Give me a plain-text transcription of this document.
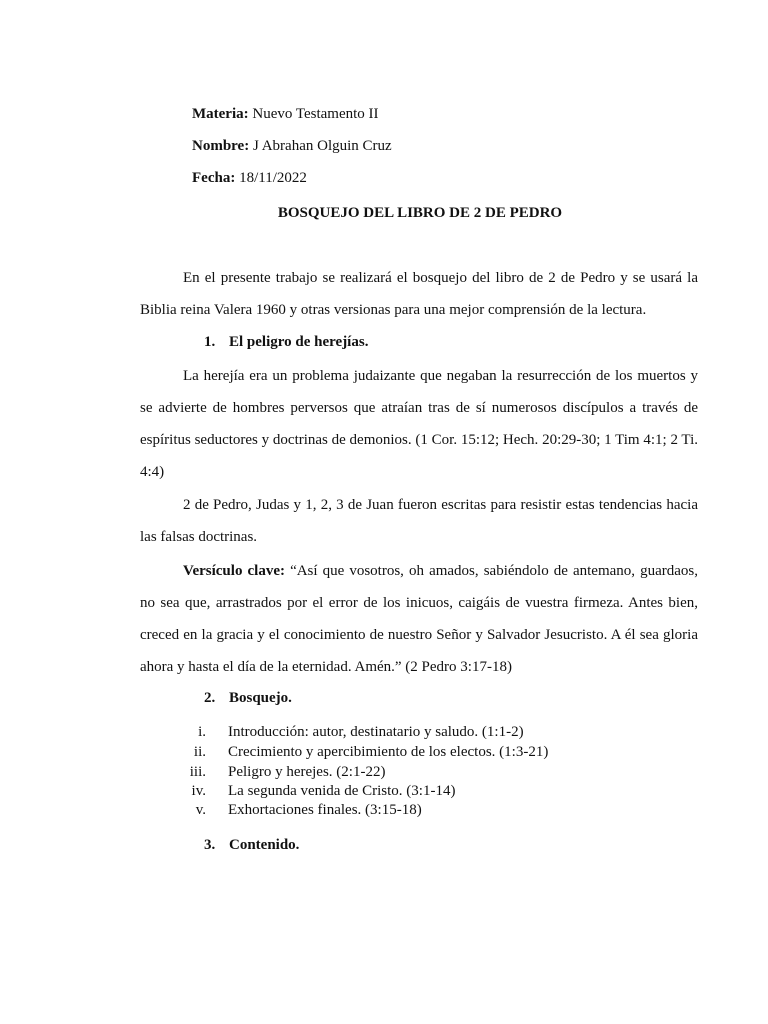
Materia: Nuevo Testamento II
Nombre: J Abrahan Olguin Cruz
Fecha: 18/11/2022
BOSQUEJO DEL LIBRO DE 2 DE PEDRO
En el presente trabajo se realizará el bosquejo del libro de 2 de Pedro y se usará la Biblia reina Valera 1960 y otras versionas para una mejor comprensión de la lectura.
1. El peligro de herejías.
La herejía era un problema judaizante que negaban la resurrección de los muertos y se advierte de hombres perversos que atraían tras de sí numerosos discípulos a través de espíritus seductores y doctrinas de demonios. (1 Cor. 15:12; Hech. 20:29-30; 1 Tim 4:1; 2 Ti. 4:4)
2 de Pedro, Judas y 1, 2, 3 de Juan fueron escritas para resistir estas tendencias hacia las falsas doctrinas.
Versículo clave: “Así que vosotros, oh amados, sabiéndolo de antemano, guardaos, no sea que, arrastrados por el error de los inicuos, caigáis de vuestra firmeza. Antes bien, creced en la gracia y el conocimiento de nuestro Señor y Salvador Jesucristo. A él sea gloria ahora y hasta el día de la eternidad. Amén.” (2 Pedro 3:17-18)
2. Bosquejo.
i. Introducción: autor, destinatario y saludo. (1:1-2)
ii. Crecimiento y apercibimiento de los electos. (1:3-21)
iii. Peligro y herejes. (2:1-22)
iv. La segunda venida de Cristo. (3:1-14)
v. Exhortaciones finales. (3:15-18)
3. Contenido.
